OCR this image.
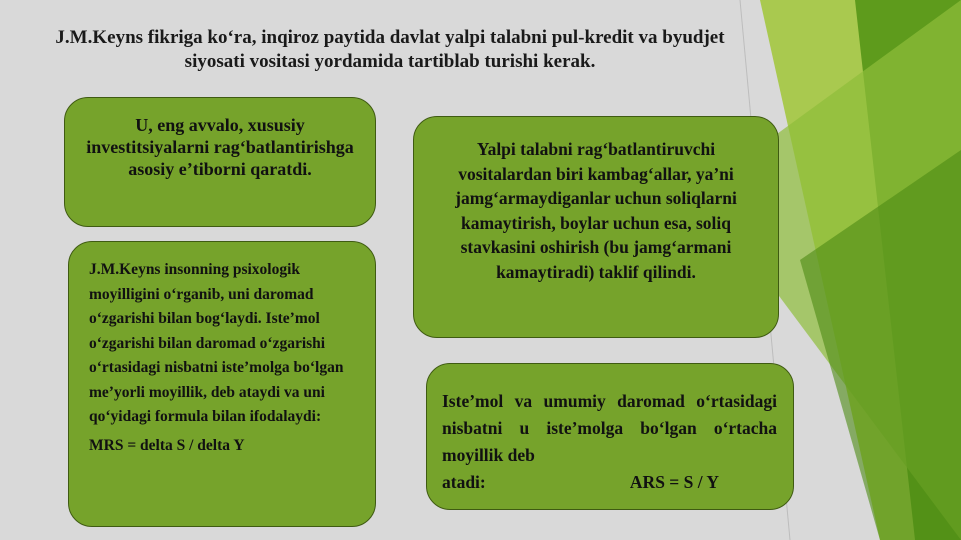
J.M.Keyns fikriga ko‘ra, inqiroz paytida davlat yalpi talabni pul-kredit va byudjet siyosati vositasi yordamida tartiblab turishi kerak.

U, eng avvalo, xususiy investitsiyalarni rag‘batlantirishga asosiy e’tiborni qaratdi.

Yalpi talabni rag‘batlantiruvchi vositalardan biri kambag‘allar, ya’ni jamg‘armaydiganlar uchun soliqlarni kamaytirish, boylar uchun esa, soliq stavkasini oshirish (bu jamg‘armani kamaytiradi) taklif qilindi.

J.M.Keyns insonning psixologik moyilligini o‘rganib, uni daromad o‘zgarishi bilan bog‘laydi. Iste’mol o‘zgarishi bilan daromad o‘zgarishi o‘rtasidagi nisbatni iste’molga bo‘lgan me’yorli moyillik, deb ataydi va uni qo‘yidagi formula bilan ifodalaydi:

MRS = delta S / delta Y

Iste’mol va umumiy daromad o‘rtasidagi nisbatni u iste’molga bo‘lgan o‘rtacha moyillik deb

atadi:	ARS = S / Y
